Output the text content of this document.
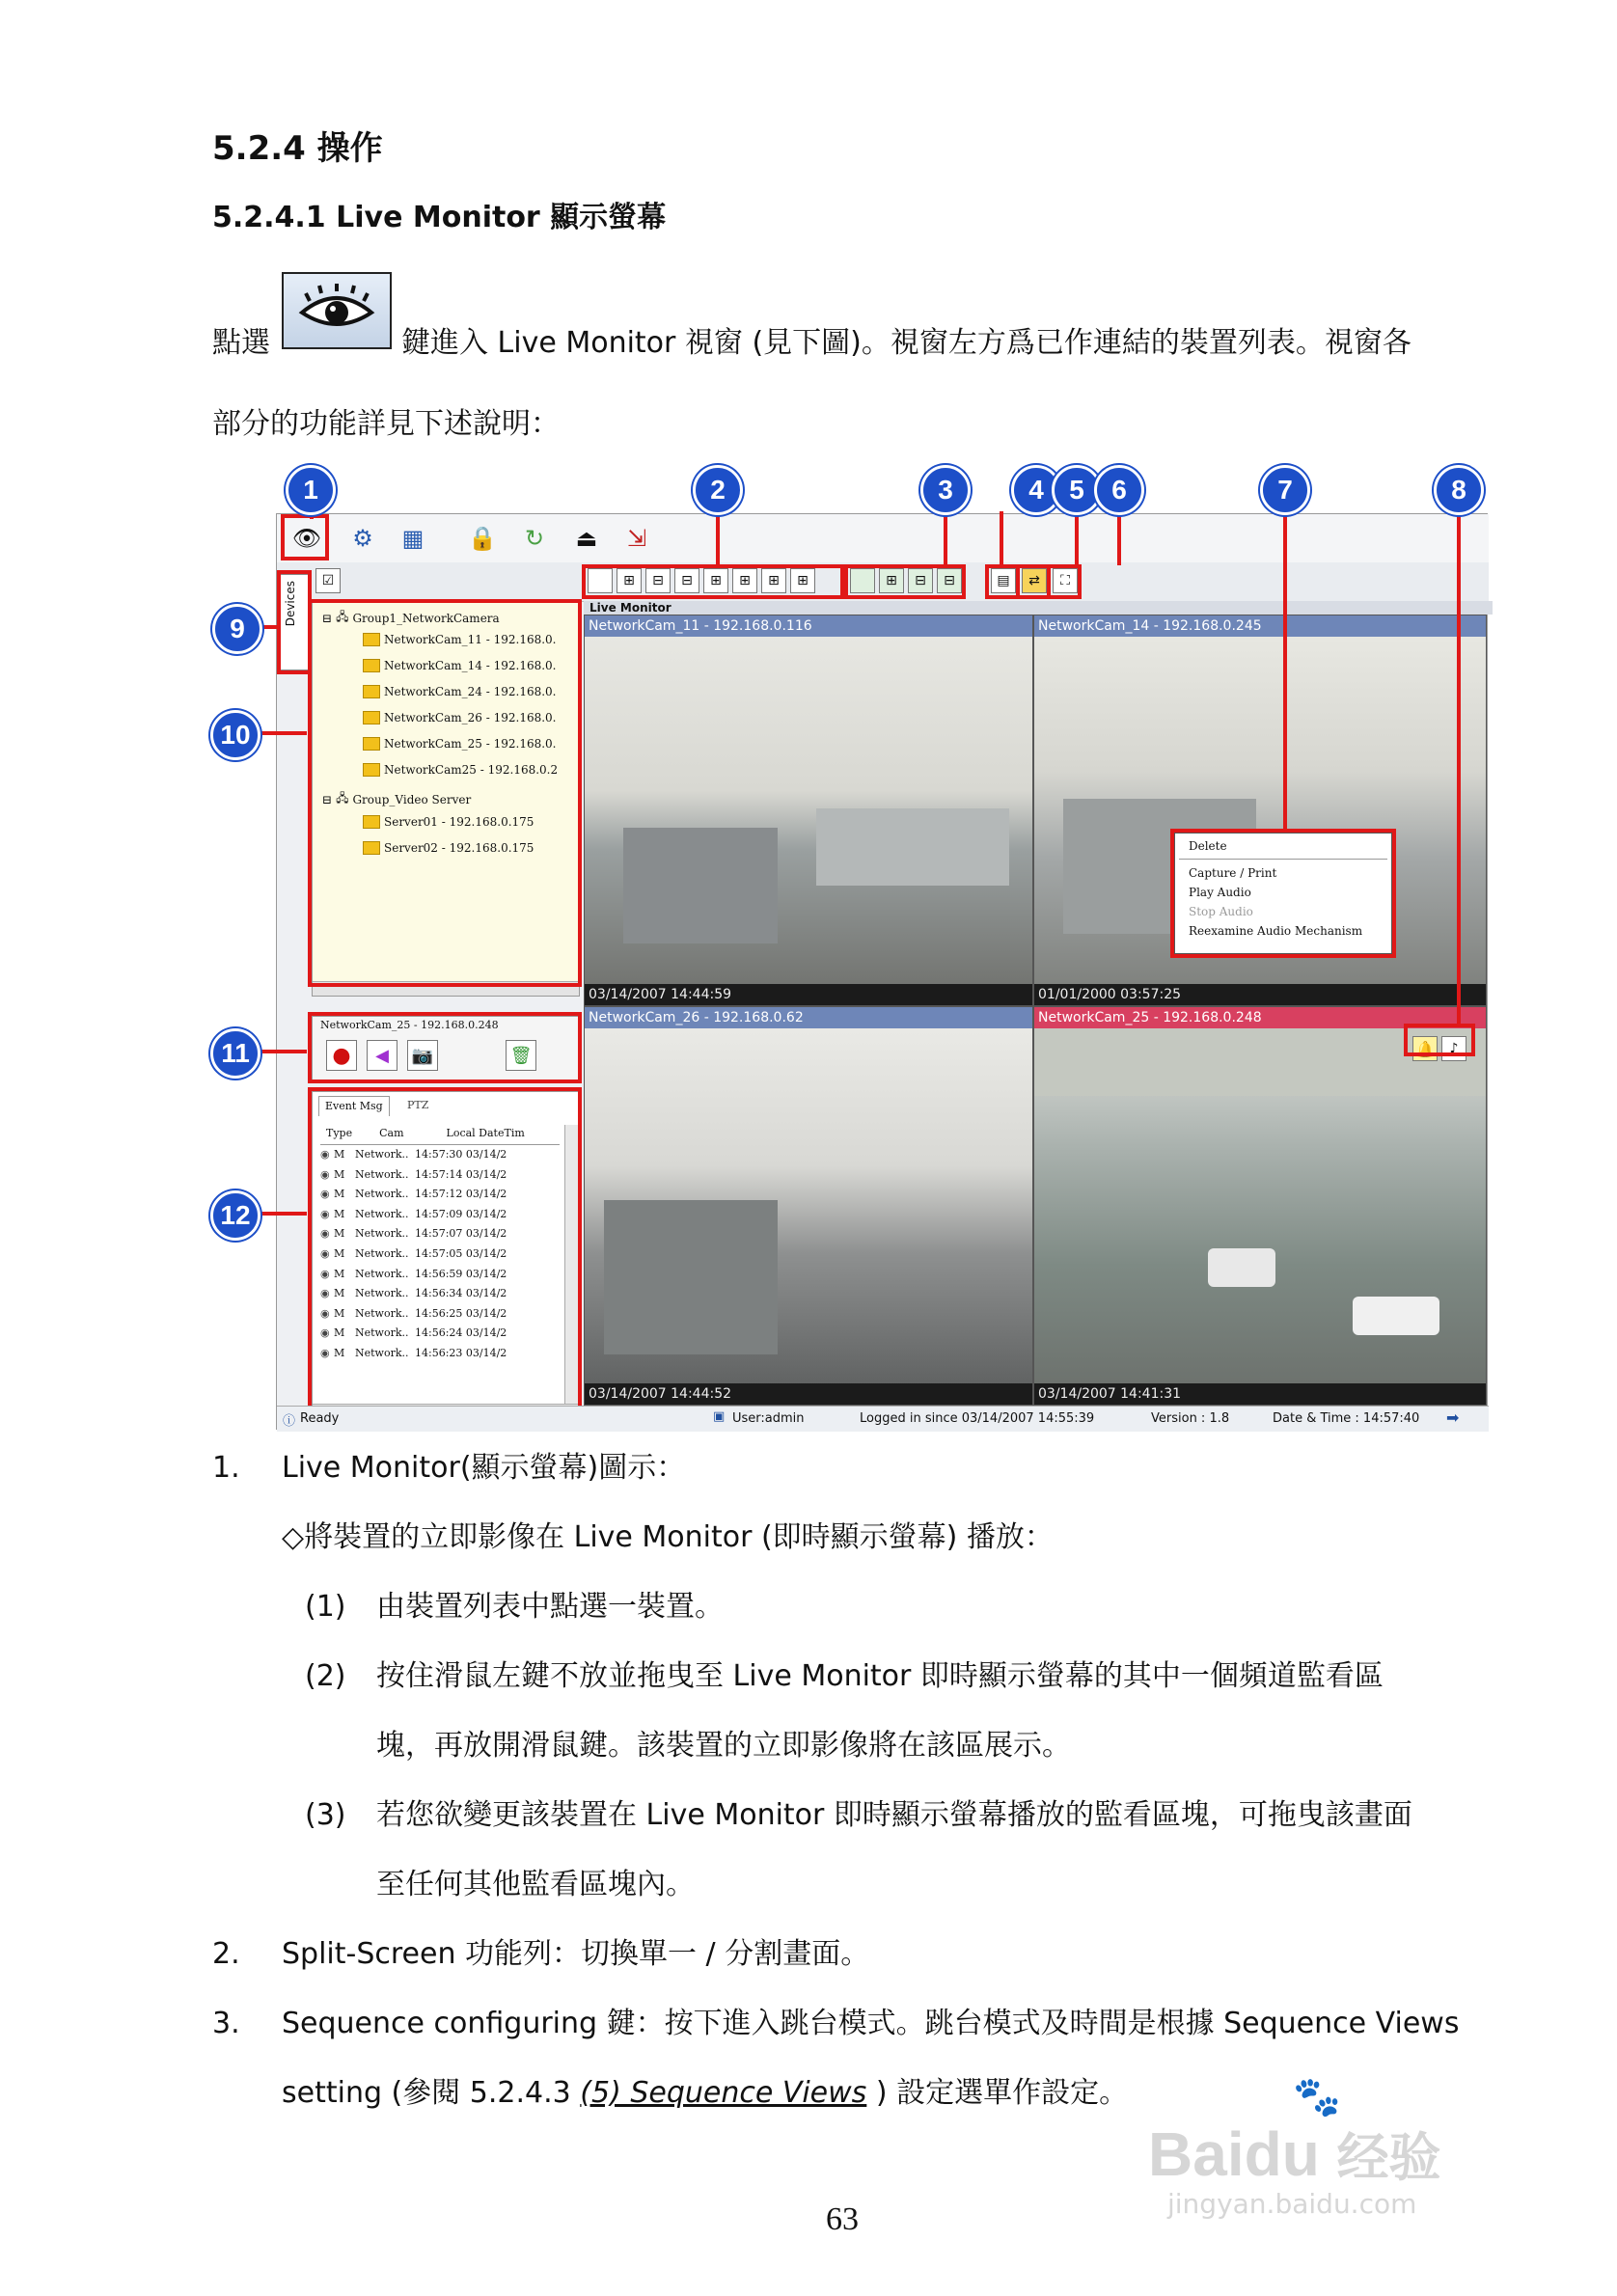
5.2.4 操作
5.2.4.1 Live Monitor 顯示螢幕
點選	鍵進入 Live Monitor 視窗 (見下圖)。視窗左方爲已作連結的裝置列表。視窗各
部分的功能詳見下述說明：
👁 ⚙ ▦ 🔒 ↻ ⏏ ⇲
☑	⊞	⊟	⊟	⊞	⊞	⊞	⊞	⊞	⊟	⊟	▤	⇄	⛶
Devices ⊟ 🖧 Group1_NetworkCamera
NetworkCam_11 - 192.168.0.
NetworkCam_14 - 192.168.0.
NetworkCam_24 - 192.168.0.
NetworkCam_26 - 192.168.0.
NetworkCam_25 - 192.168.0.
NetworkCam25 - 192.168.0.2
⊟ 🖧 Group_Video Server
Server01 - 192.168.0.175
Server02 - 192.168.0.175
NetworkCam_25 - 192.168.0.248
●	◀	📷	🗑
Event Msg	PTZ
Type	Cam	Local DateTim
◉ M Network.. 14:57:30 03/14/2
◉ M Network.. 14:57:14 03/14/2
◉ M Network.. 14:57:12 03/14/2
◉ M Network.. 14:57:09 03/14/2
◉ M Network.. 14:57:07 03/14/2
◉ M Network.. 14:57:05 03/14/2
◉ M Network.. 14:56:59 03/14/2
◉ M Network.. 14:56:34 03/14/2
◉ M Network.. 14:56:25 03/14/2
◉ M Network.. 14:56:24 03/14/2
◉ M Network.. 14:56:23 03/14/2
Live Monitor
NetworkCam_11 - 192.168.0.116
03/14/2007 14:44:59
NetworkCam_14 - 192.168.0.245
01/01/2000 03:57:25
NetworkCam_26 - 192.168.0.62
03/14/2007 14:44:52
NetworkCam_25 - 192.168.0.248
🔔	♪
03/14/2007 14:41:31
Delete
Capture / Print
Play Audio
Stop Audio
Reexamine Audio Mechanism
ⓘ Ready	▣ User:admin	Logged in since 03/14/2007 14:55:39	Version : 1.8	Date & Time : 14:57:40 ➡
1	2	3	4 5	6	7	8
9
10
11
12
1. Live Monitor(顯示螢幕)圖示：
◇將裝置的立即影像在 Live Monitor (即時顯示螢幕) 播放：
(1) 由裝置列表中點選一裝置。
(2) 按住滑鼠左鍵不放並拖曳至 Live Monitor 即時顯示螢幕的其中一個頻道監看區
塊，再放開滑鼠鍵。該裝置的立即影像將在該區展示。
(3) 若您欲變更該裝置在 Live Monitor 即時顯示螢幕播放的監看區塊，可拖曳該畫面
至任何其他監看區塊內。
2. Split-Screen 功能列：切換單一 / 分割畫面。
3. Sequence configuring 鍵：按下進入跳台模式。跳台模式及時間是根據 Sequence Views
setting (參閱 5.2.4.3 (5) Sequence Views ) 設定選單作設定。
63
🐾
Baidu 经验
jingyan.baidu.com
